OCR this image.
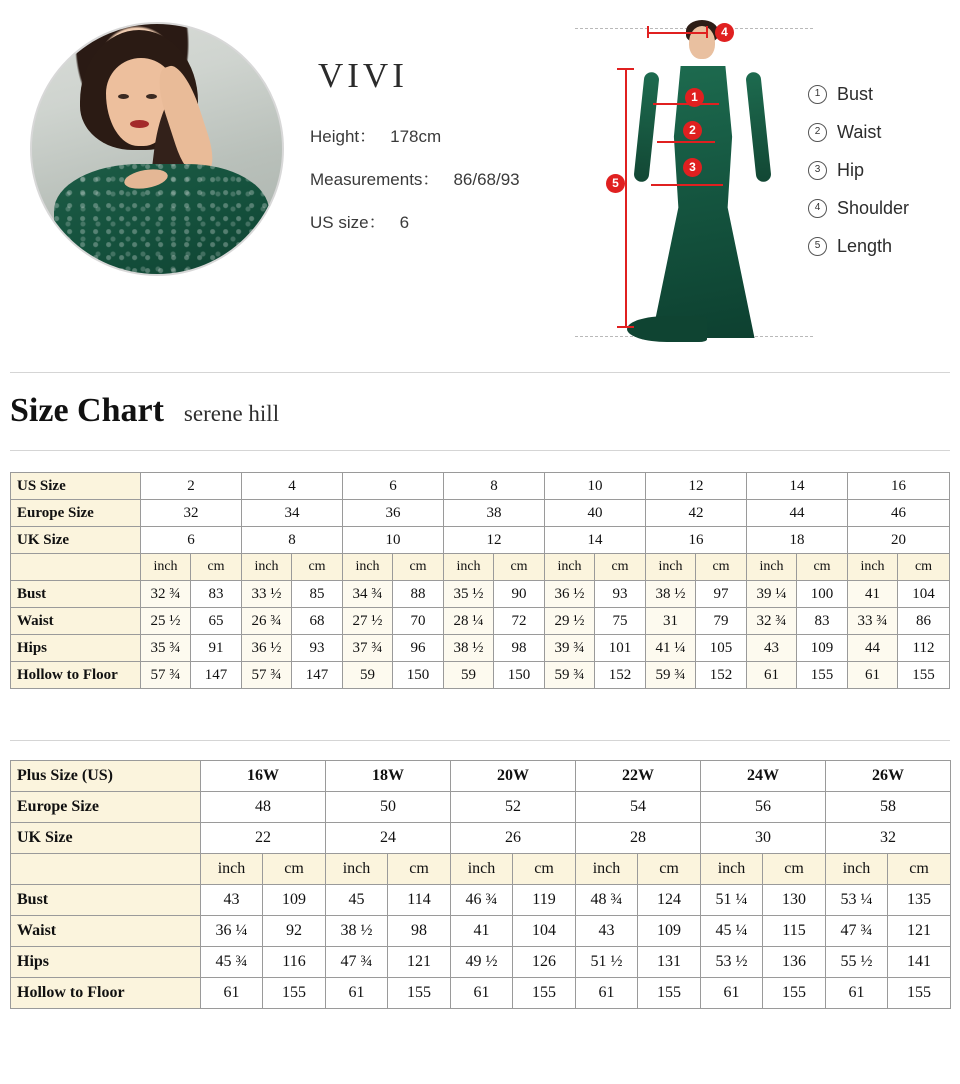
VIVI
Height： 178cm
Measurements： 86/68/93
US size： 6
4
1
2
3
5
1 Bust
2 Waist
3 Hip
4 Shoulder
5 Length
Size Chart serene hill
US Size	2		4		6		8		10		12		14		16	
Europe Size	32		34		36		38		40		42		44		46	
UK Size	6		8		10		12		14		16		18		20	
	inch	cm	inch	cm	inch	cm	inch	cm	inch	cm	inch	cm	inch	cm	inch	cm
Bust	32 ¾	83	33 ½	85	34 ¾	88	35 ½	90	36 ½	93	38 ½	97	39 ¼	100	41	104
Waist	25 ½	65	26 ¾	68	27 ½	70	28 ¼	72	29 ½	75	31	79	32 ¾	83	33 ¾	86
Hips	35 ¾	91	36 ½	93	37 ¾	96	38 ½	98	39 ¾	101	41 ¼	105	43	109	44	112
Hollow to Floor	57 ¾	147	57 ¾	147	59	150	59	150	59 ¾	152	59 ¾	152	61	155	61	155
Plus Size (US)	16W		18W		20W		22W		24W		26W	
Europe Size	48		50		52		54		56		58	
UK Size	22		24		26		28		30		32	
	inch	cm	inch	cm	inch	cm	inch	cm	inch	cm	inch	cm
Bust	43	109	45	114	46 ¾	119	48 ¾	124	51 ¼	130	53 ¼	135
Waist	36 ¼	92	38 ½	98	41	104	43	109	45 ¼	115	47 ¾	121
Hips	45 ¾	116	47 ¾	121	49 ½	126	51 ½	131	53 ½	136	55 ½	141
Hollow to Floor	61	155	61	155	61	155	61	155	61	155	61	155
